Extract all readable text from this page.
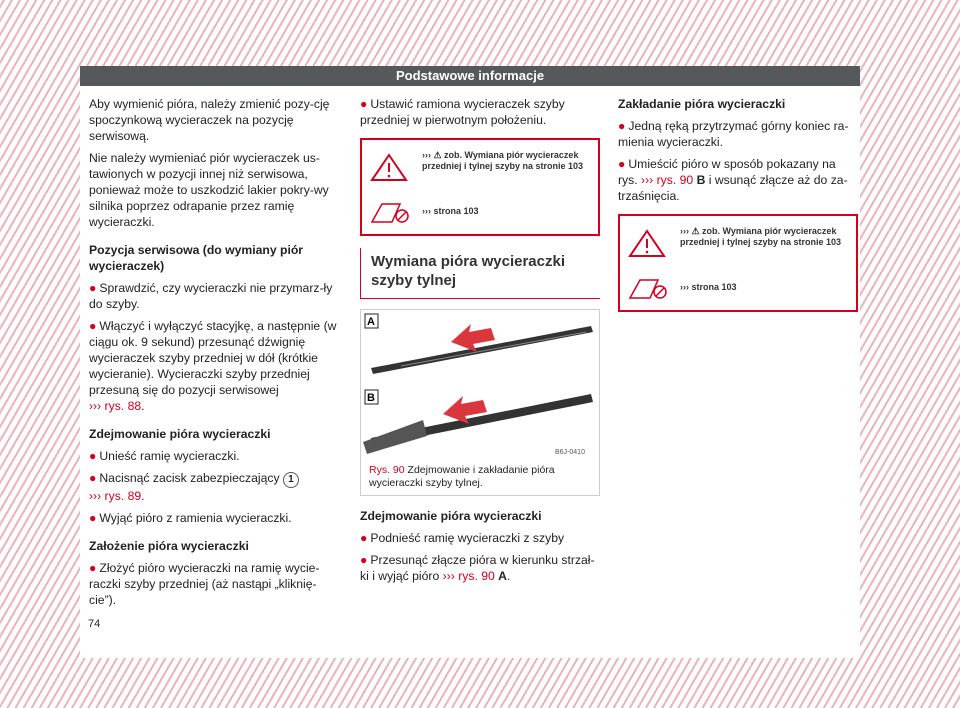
Podstawowe informacje

Aby wymienić pióra, należy zmienić pozy-cję spoczynkową wycieraczek na pozycję serwisową.

Nie należy wymieniać piór wycieraczek us-tawionych w pozycji innej niż serwisowa, ponieważ może to uszkodzić lakier pokry-wy silnika poprzez odrapanie przez ramię wycieraczki.

Pozycja serwisowa (do wymiany piór wycieraczek)
● Sprawdzić, czy wycieraczki nie przymarz-ły do szyby.
● Włączyć i wyłączyć stacyjkę, a następnie (w ciągu ok. 9 sekund) przesunąć dźwignię wycieraczek szyby przedniej w dół (krótkie wycieranie). Wycieraczki szyby przedniej przesuną się do pozycji serwisowej
››› rys. 88.
Zdejmowanie pióra wycieraczki
● Unieść ramię wycieraczki.
● Nacisnąć zacisk zabezpieczający 1
››› rys. 89.
● Wyjąć pióro z ramienia wycieraczki.
Założenie pióra wycieraczki
● Złożyć pióro wycieraczki na ramię wycie-raczki szyby przedniej (aż nastąpi „kliknię-cie”).
● Ustawić ramiona wycieraczek szyby przedniej w pierwotnym położeniu.
››› ⚠ zob. Wymiana piór wycieraczek przedniej i tylnej szyby na stronie 103
››› strona 103
Wymiana pióra wycieraczki szyby tylnej
A
B
B6J-0410
Rys. 90 Zdejmowanie i zakładanie pióra wycieraczki szyby tylnej.
Zdejmowanie pióra wycieraczki
● Podnieść ramię wycieraczki z szyby
● Przesunąć złącze pióra w kierunku strzał-ki i wyjąć pióro ››› rys. 90 A.
Zakładanie pióra wycieraczki
● Jedną ręką przytrzymać górny koniec ra-mienia wycieraczki.
● Umieścić pióro w sposób pokazany na rys. ››› rys. 90 B i wsunąć złącze aż do za-trzaśnięcia.
››› ⚠ zob. Wymiana piór wycieraczek przedniej i tylnej szyby na stronie 103
››› strona 103
74
